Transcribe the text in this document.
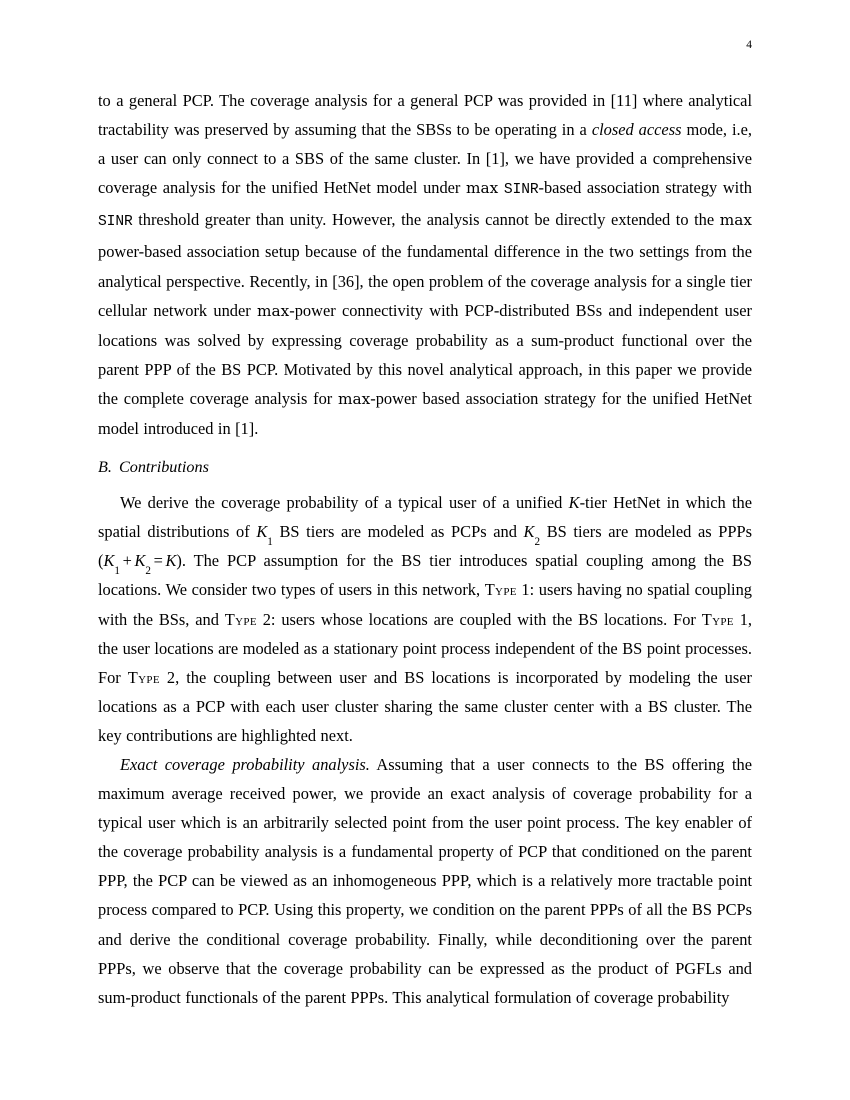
4

to a general PCP. The coverage analysis for a general PCP was provided in [11] where analytical tractability was preserved by assuming that the SBSs to be operating in a closed access mode, i.e, a user can only connect to a SBS of the same cluster. In [1], we have provided a comprehensive coverage analysis for the unified HetNet model under max SINR-based association strategy with SINR threshold greater than unity. However, the analysis cannot be directly extended to the max power-based association setup because of the fundamental difference in the two settings from the analytical perspective. Recently, in [36], the open problem of the coverage analysis for a single tier cellular network under max-power connectivity with PCP-distributed BSs and independent user locations was solved by expressing coverage probability as a sum-product functional over the parent PPP of the BS PCP. Motivated by this novel analytical approach, in this paper we provide the complete coverage analysis for max-power based association strategy for the unified HetNet model introduced in [1].

B. Contributions

We derive the coverage probability of a typical user of a unified K-tier HetNet in which the spatial distributions of $K_1$ BS tiers are modeled as PCPs and $K_2$ BS tiers are modeled as PPPs $(K_1+ K_2= K)$. The PCP assumption for the BS tier introduces spatial coupling among the BS locations. We consider two types of users in this network, Type 1: users having no spatial coupling with the BSs, and Type 2: users whose locations are coupled with the BS locations. For Type 1, the user locations are modeled as a stationary point process independent of the BS point processes. For Type 2, the coupling between user and BS locations is incorporated by modeling the user locations as a PCP with each user cluster sharing the same cluster center with a BS cluster. The key contributions are highlighted next.

Exact coverage probability analysis. Assuming that a user connects to the BS offering the maximum average received power, we provide an exact analysis of coverage probability for a typical user which is an arbitrarily selected point from the user point process. The key enabler of the coverage probability analysis is a fundamental property of PCP that conditioned on the parent PPP, the PCP can be viewed as an inhomogeneous PPP, which is a relatively more tractable point process compared to PCP. Using this property, we condition on the parent PPPs of all the BS PCPs and derive the conditional coverage probability. Finally, while deconditioning over the parent PPPs, we observe that the coverage probability can be expressed as the product of PGFLs and sum-product functionals of the parent PPPs. This analytical formulation of coverage probability
